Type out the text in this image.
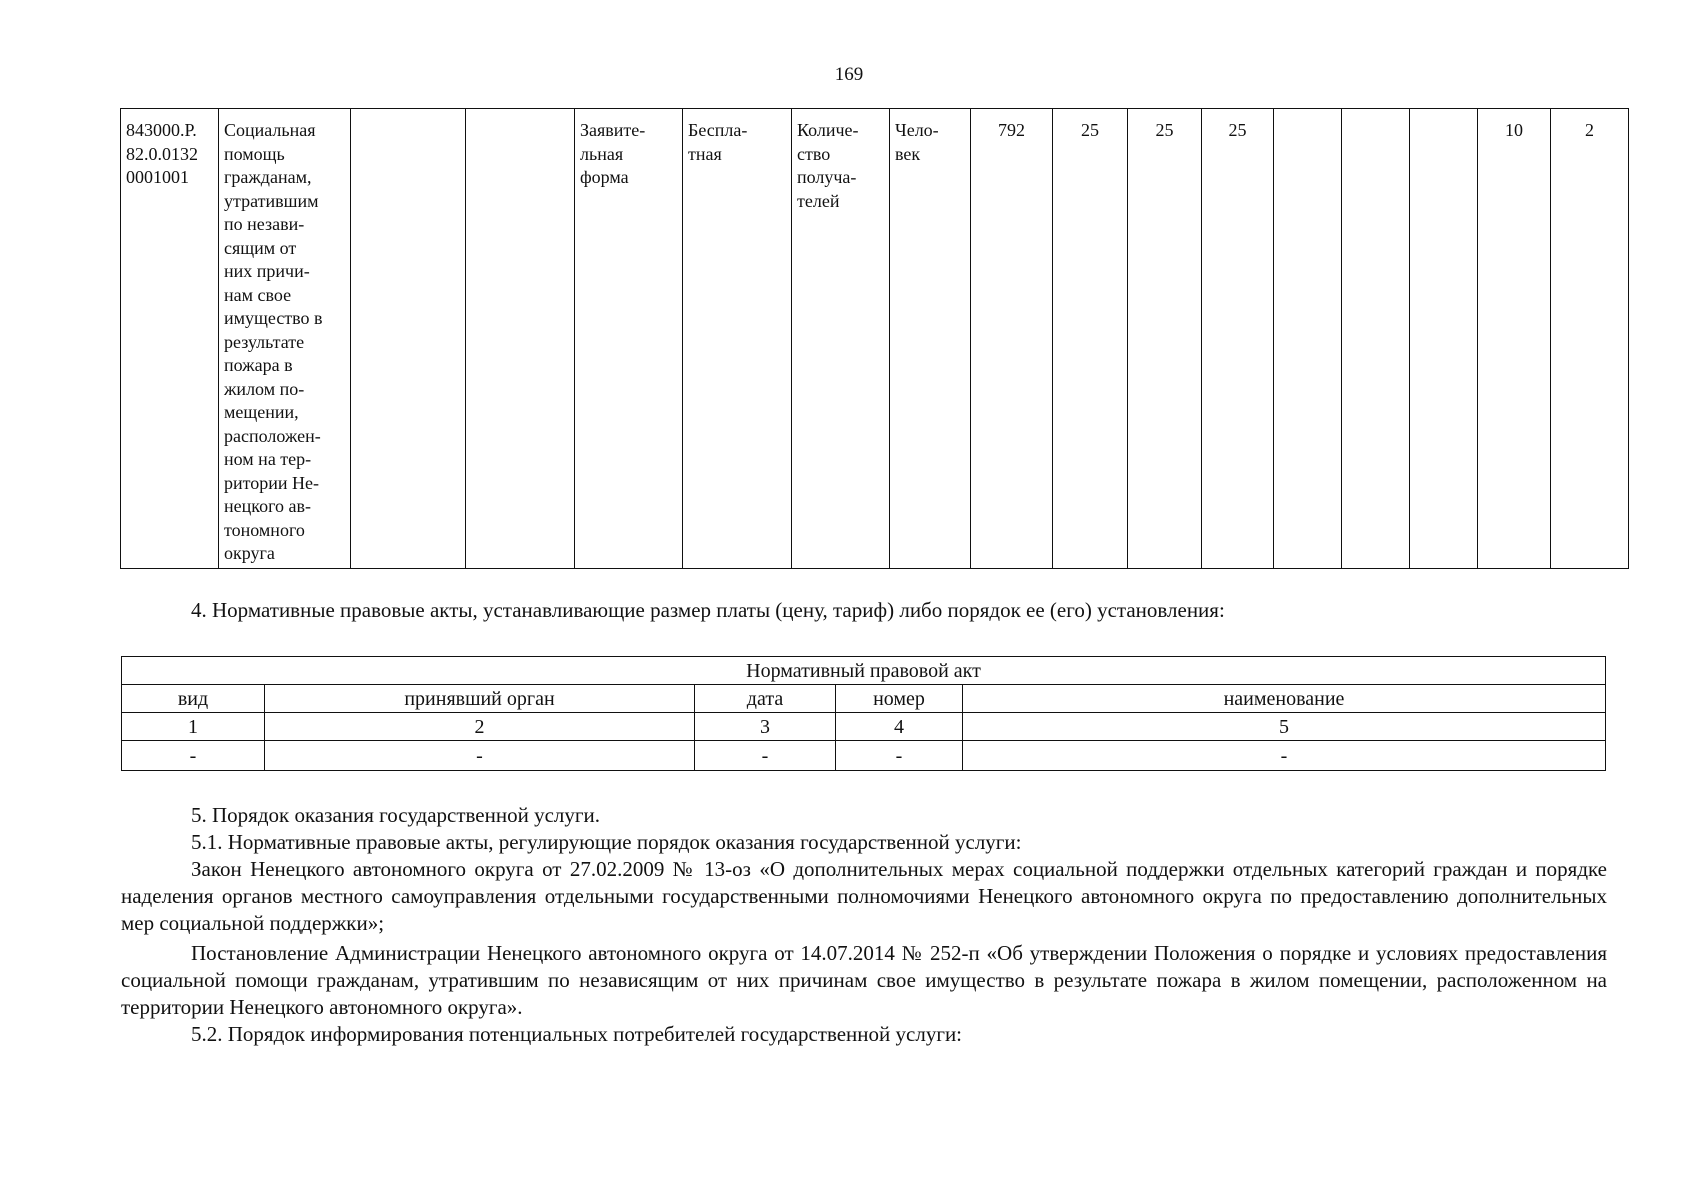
169
843000.Р.
82.0.0132
0001001	Социальная
помощь
гражданам,
утратившим
по незави-
сящим от
них причи-
нам свое
имущество в
результате
пожара в
жилом по-
мещении,
расположен-
ном на тер-
ритории Не-
нецкого ав-
тономного
округа			Заявите-
льная
форма	Бесплa-
тная	Количе-
ство
получа-
телей	Чело-
век	792	25	25	25				10	2
4. Нормативные правовые акты, устанавливающие размер платы (цену, тариф) либо порядок ее (его) установления:
Нормативный правовой акт				
вид	принявший орган	дата	номер	наименование
1	2	3	4	5
-	-	-	-	-
5. Порядок оказания государственной услуги.
5.1. Нормативные правовые акты, регулирующие порядок оказания государственной услуги:
Закон Ненецкого автономного округа от 27.02.2009 № 13-оз «О дополнительных мерах социальной поддержки отдельных категорий граждан и порядке наделения органов местного самоуправления отдельными государственными полномочиями Ненецкого автономного округа по предоставлению дополнительных мер социальной поддержки»;
Постановление Администрации Ненецкого автономного округа от 14.07.2014 № 252-п «Об утверждении Положения о порядке и условиях предоставления социальной помощи гражданам, утратившим по независящим от них причинам свое имущество в результате пожара в жилом помещении, расположенном на территории Ненецкого автономного округа».
5.2. Порядок информирования потенциальных потребителей государственной услуги:
